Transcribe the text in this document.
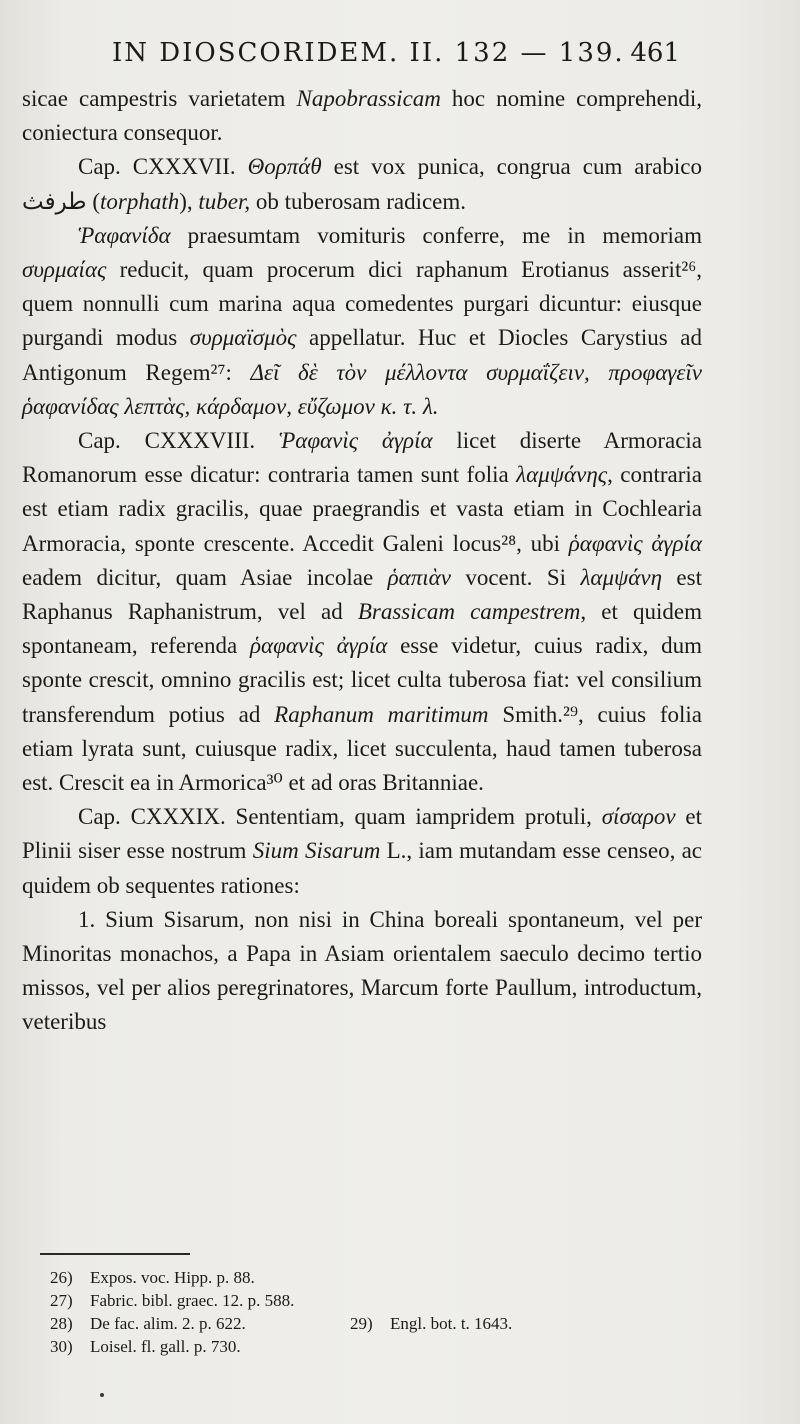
IN DIOSCORIDEM. II. 132 — 139. 461

sicae campestris varietatem Napobrassicam hoc nomine comprehendi, coniectura consequor.

Cap. CXXXVII. Θορπάθ est vox punica, congrua cum arabico طرفث (torphath), tuber, ob tuberosam radicem.

Ῥαφανίδα praesumtam vomituris conferre, me in memoriam συρμαίας reducit, quam procerum dici raphanum Erotianus asserit²⁶, quem nonnulli cum marina aqua comedentes purgari dicuntur: eiusque purgandi modus συρμαϊσμὸς appellatur. Huc et Diocles Carystius ad Antigonum Regem²⁷: Δεῖ δὲ τὸν μέλλοντα συρμαΐζειν, προφαγεῖν ῥαφανίδας λεπτὰς, κάρδαμον, εὔζωμον κ. τ. λ.

Cap. CXXXVIII. Ῥαφανὶς ἀγρία licet diserte Armoracia Romanorum esse dicatur: contraria tamen sunt folia λαμψάνης, contraria est etiam radix gracilis, quae praegrandis et vasta etiam in Cochlearia Armoracia, sponte crescente. Accedit Galeni locus²⁸, ubi ῥαφανὶς ἀγρία eadem dicitur, quam Asiae incolae ῥαπιὰν vocent. Si λαμψάνη est Raphanus Raphanistrum, vel ad Brassicam campestrem, et quidem spontaneam, referenda ῥαφανὶς ἀγρία esse videtur, cuius radix, dum sponte crescit, omnino gracilis est; licet culta tuberosa fiat: vel consilium transferendum potius ad Raphanum maritimum Smith.²⁹, cuius folia etiam lyrata sunt, cuiusque radix, licet succulenta, haud tamen tuberosa est. Crescit ea in Armorica³⁰ et ad oras Britanniae.

Cap. CXXXIX. Sententiam, quam iampridem protuli, σίσαρον et Plinii siser esse nostrum Sium Sisarum L., iam mutandam esse censeo, ac quidem ob sequentes rationes:

1. Sium Sisarum, non nisi in China boreali spontaneum, vel per Minoritas monachos, a Papa in Asiam orientalem saeculo decimo tertio missos, vel per alios peregrinatores, Marcum forte Paullum, introductum, veteribus

26) Expos. voc. Hipp. p. 88.
27) Fabric. bibl. graec. 12. p. 588.
28) De fac. alim. 2. p. 622.	29) Engl. bot. t. 1643.
30) Loisel. fl. gall. p. 730.
